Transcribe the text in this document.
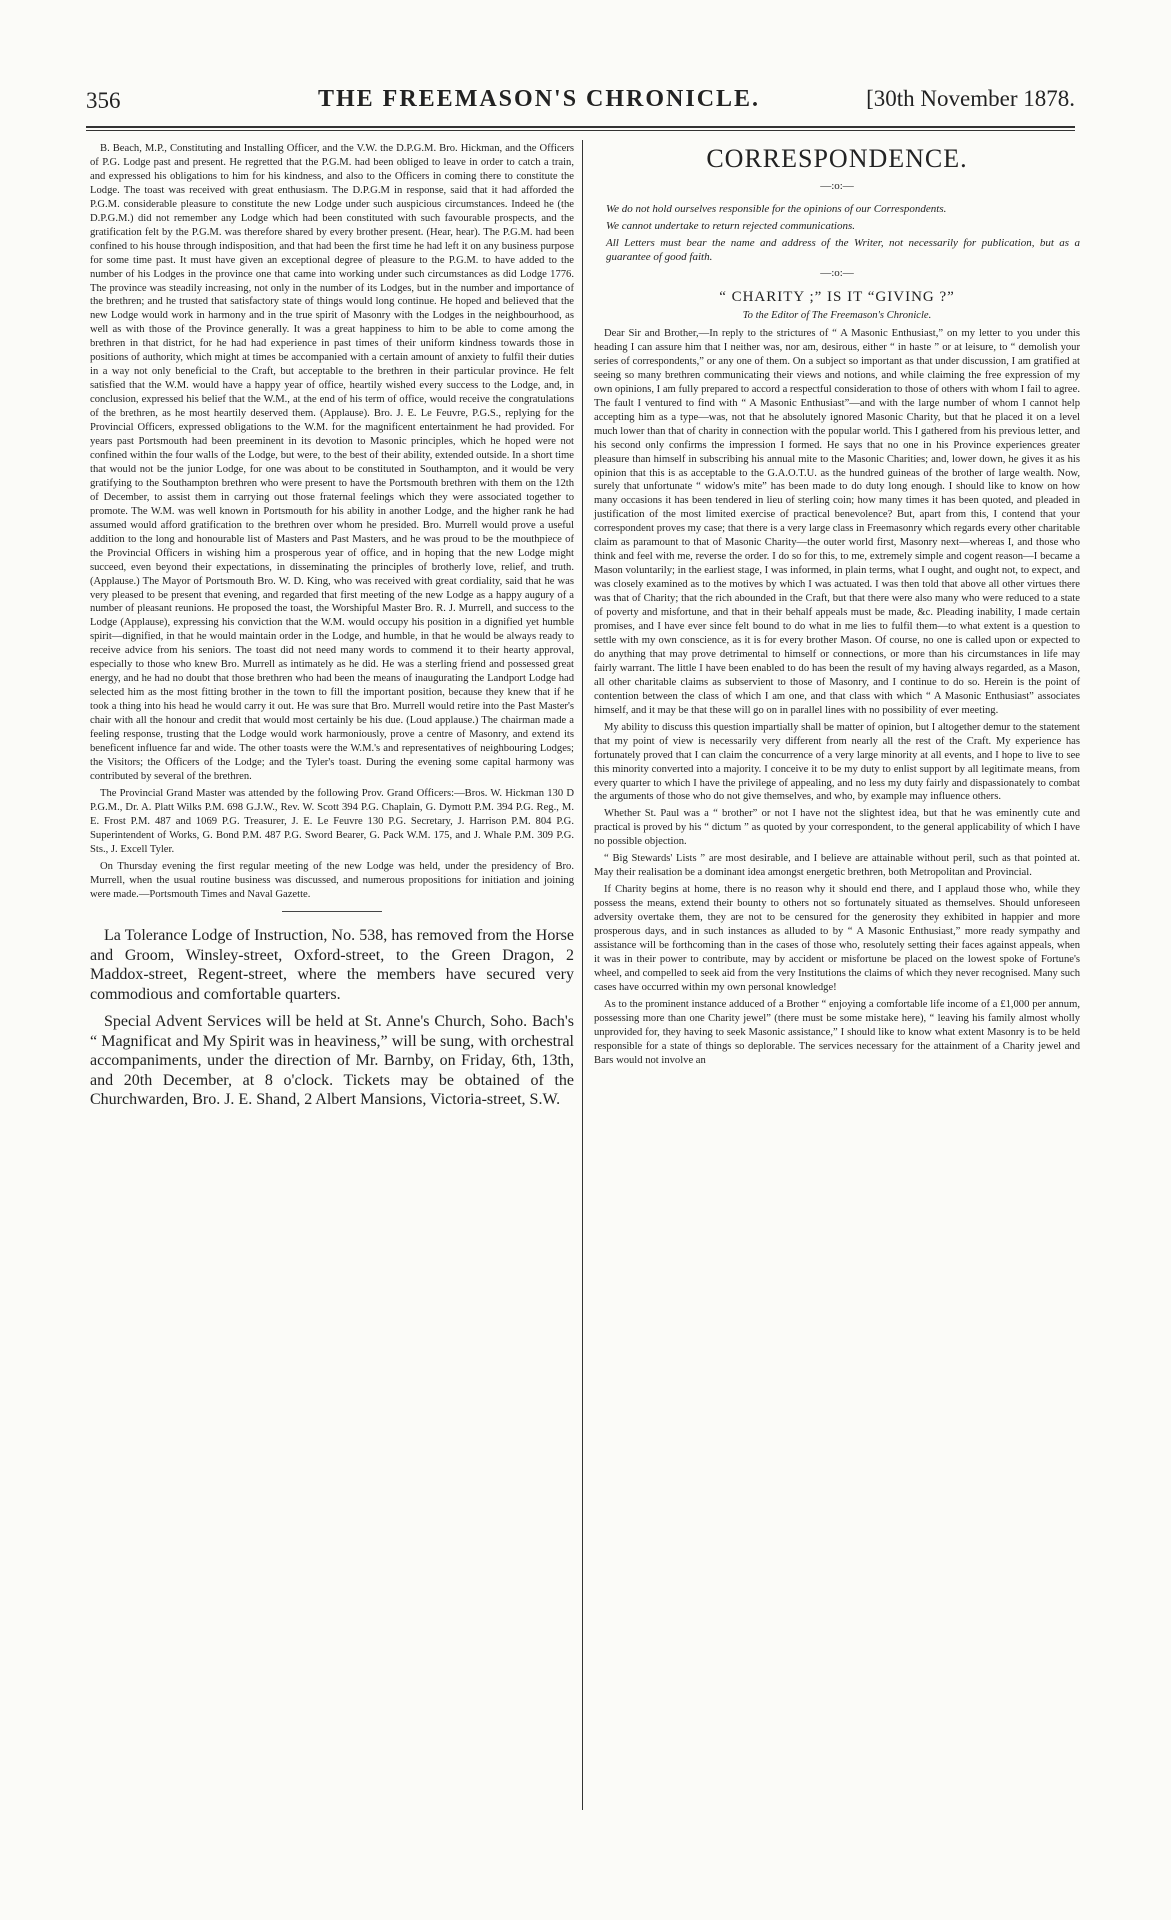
356	THE FREEMASON'S CHRONICLE.	[30th November 1878.

B. Beach, M.P., Constituting and Installing Officer, and the V.W. the D.P.G.M. Bro. Hickman, and the Officers of P.G. Lodge past and present. He regretted that the P.G.M. had been obliged to leave in order to catch a train, and expressed his obligations to him for his kindness, and also to the Officers in coming there to constitute the Lodge. The toast was received with great enthusiasm. The D.P.G.M in response, said that it had afforded the P.G.M. considerable pleasure to constitute the new Lodge under such auspicious circumstances. Indeed he (the D.P.G.M.) did not remember any Lodge which had been constituted with such favourable prospects, and the gratification felt by the P.G.M. was therefore shared by every brother present. (Hear, hear). The P.G.M. had been confined to his house through indisposition, and that had been the first time he had left it on any business purpose for some time past. It must have given an exceptional degree of pleasure to the P.G.M. to have added to the number of his Lodges in the province one that came into working under such circumstances as did Lodge 1776. The province was steadily increasing, not only in the number of its Lodges, but in the number and importance of the brethren; and he trusted that satisfactory state of things would long continue. He hoped and believed that the new Lodge would work in harmony and in the true spirit of Masonry with the Lodges in the neighbourhood, as well as with those of the Province generally. It was a great happiness to him to be able to come among the brethren in that district, for he had had experience in past times of their uniform kindness towards those in positions of authority, which might at times be accompanied with a certain amount of anxiety to fulfil their duties in a way not only beneficial to the Craft, but acceptable to the brethren in their particular province. He felt satisfied that the W.M. would have a happy year of office, heartily wished every success to the Lodge, and, in conclusion, expressed his belief that the W.M., at the end of his term of office, would receive the congratulations of the brethren, as he most heartily deserved them. (Applause). Bro. J. E. Le Feuvre, P.G.S., replying for the Provincial Officers, expressed obligations to the W.M. for the magnificent entertainment he had provided. For years past Portsmouth had been preeminent in its devotion to Masonic principles, which he hoped were not confined within the four walls of the Lodge, but were, to the best of their ability, extended outside. In a short time that would not be the junior Lodge, for one was about to be constituted in Southampton, and it would be very gratifying to the Southampton brethren who were present to have the Portsmouth brethren with them on the 12th of December, to assist them in carrying out those fraternal feelings which they were associated together to promote. The W.M. was well known in Portsmouth for his ability in another Lodge, and the higher rank he had assumed would afford gratification to the brethren over whom he presided. Bro. Murrell would prove a useful addition to the long and honourable list of Masters and Past Masters, and he was proud to be the mouthpiece of the Provincial Officers in wishing him a prosperous year of office, and in hoping that the new Lodge might succeed, even beyond their expectations, in disseminating the principles of brotherly love, relief, and truth. (Applause.) The Mayor of Portsmouth Bro. W. D. King, who was received with great cordiality, said that he was very pleased to be present that evening, and regarded that first meeting of the new Lodge as a happy augury of a number of pleasant reunions. He proposed the toast, the Worshipful Master Bro. R. J. Murrell, and success to the Lodge (Applause), expressing his conviction that the W.M. would occupy his position in a dignified yet humble spirit—dignified, in that he would maintain order in the Lodge, and humble, in that he would be always ready to receive advice from his seniors. The toast did not need many words to commend it to their hearty approval, especially to those who knew Bro. Murrell as intimately as he did. He was a sterling friend and possessed great energy, and he had no doubt that those brethren who had been the means of inaugurating the Landport Lodge had selected him as the most fitting brother in the town to fill the important position, because they knew that if he took a thing into his head he would carry it out. He was sure that Bro. Murrell would retire into the Past Master's chair with all the honour and credit that would most certainly be his due. (Loud applause.) The chairman made a feeling response, trusting that the Lodge would work harmoniously, prove a centre of Masonry, and extend its beneficent influence far and wide. The other toasts were the W.M.'s and representatives of neighbouring Lodges; the Visitors; the Officers of the Lodge; and the Tyler's toast. During the evening some capital harmony was contributed by several of the brethren.

The Provincial Grand Master was attended by the following Prov. Grand Officers:—Bros. W. Hickman 130 D P.G.M., Dr. A. Platt Wilks P.M. 698 G.J.W., Rev. W. Scott 394 P.G. Chaplain, G. Dymott P.M. 394 P.G. Reg., M. E. Frost P.M. 487 and 1069 P.G. Treasurer, J. E. Le Feuvre 130 P.G. Secretary, J. Harrison P.M. 804 P.G. Superintendent of Works, G. Bond P.M. 487 P.G. Sword Bearer, G. Pack W.M. 175, and J. Whale P.M. 309 P.G. Sts., J. Excell Tyler.

On Thursday evening the first regular meeting of the new Lodge was held, under the presidency of Bro. Murrell, when the usual routine business was discussed, and numerous propositions for initiation and joining were made.—Portsmouth Times and Naval Gazette.

La Tolerance Lodge of Instruction, No. 538, has removed from the Horse and Groom, Winsley-street, Oxford-street, to the Green Dragon, 2 Maddox-street, Regent-street, where the members have secured very commodious and comfortable quarters.

Special Advent Services will be held at St. Anne's Church, Soho. Bach's “ Magnificat and My Spirit was in heaviness,” will be sung, with orchestral accompaniments, under the direction of Mr. Barnby, on Friday, 6th, 13th, and 20th December, at 8 o'clock. Tickets may be obtained of the Churchwarden, Bro. J. E. Shand, 2 Albert Mansions, Victoria-street, S.W.

CORRESPONDENCE.
—:o:—

We do not hold ourselves responsible for the opinions of our Correspondents.

We cannot undertake to return rejected communications.

All Letters must bear the name and address of the Writer, not necessarily for publication, but as a guarantee of good faith.

—:o:—
“ CHARITY ;” IS IT “GIVING ?”
To the Editor of The Freemason's Chronicle.

Dear Sir and Brother,—In reply to the strictures of “ A Masonic Enthusiast,” on my letter to you under this heading I can assure him that I neither was, nor am, desirous, either “ in haste ” or at leisure, to “ demolish your series of correspondents,” or any one of them. On a subject so important as that under discussion, I am gratified at seeing so many brethren communicating their views and notions, and while claiming the free expression of my own opinions, I am fully prepared to accord a respectful consideration to those of others with whom I fail to agree. The fault I ventured to find with “ A Masonic Enthusiast”—and with the large number of whom I cannot help accepting him as a type—was, not that he absolutely ignored Masonic Charity, but that he placed it on a level much lower than that of charity in connection with the popular world. This I gathered from his previous letter, and his second only confirms the impression I formed. He says that no one in his Province experiences greater pleasure than himself in subscribing his annual mite to the Masonic Charities; and, lower down, he gives it as his opinion that this is as acceptable to the G.A.O.T.U. as the hundred guineas of the brother of large wealth. Now, surely that unfortunate “ widow's mite” has been made to do duty long enough. I should like to know on how many occasions it has been tendered in lieu of sterling coin; how many times it has been quoted, and pleaded in justification of the most limited exercise of practical benevolence? But, apart from this, I contend that your correspondent proves my case; that there is a very large class in Freemasonry which regards every other charitable claim as paramount to that of Masonic Charity—the outer world first, Masonry next—whereas I, and those who think and feel with me, reverse the order. I do so for this, to me, extremely simple and cogent reason—I became a Mason voluntarily; in the earliest stage, I was informed, in plain terms, what I ought, and ought not, to expect, and was closely examined as to the motives by which I was actuated. I was then told that above all other virtues there was that of Charity; that the rich abounded in the Craft, but that there were also many who were reduced to a state of poverty and misfortune, and that in their behalf appeals must be made, &c. Pleading inability, I made certain promises, and I have ever since felt bound to do what in me lies to fulfil them—to what extent is a question to settle with my own conscience, as it is for every brother Mason. Of course, no one is called upon or expected to do anything that may prove detrimental to himself or connections, or more than his circumstances in life may fairly warrant. The little I have been enabled to do has been the result of my having always regarded, as a Mason, all other charitable claims as subservient to those of Masonry, and I continue to do so. Herein is the point of contention between the class of which I am one, and that class with which “ A Masonic Enthusiast” associates himself, and it may be that these will go on in parallel lines with no possibility of ever meeting.

My ability to discuss this question impartially shall be matter of opinion, but I altogether demur to the statement that my point of view is necessarily very different from nearly all the rest of the Craft. My experience has fortunately proved that I can claim the concurrence of a very large minority at all events, and I hope to live to see this minority converted into a majority. I conceive it to be my duty to enlist support by all legitimate means, from every quarter to which I have the privilege of appealing, and no less my duty fairly and dispassionately to combat the arguments of those who do not give themselves, and who, by example may influence others.

Whether St. Paul was a “ brother” or not I have not the slightest idea, but that he was eminently cute and practical is proved by his “ dictum ” as quoted by your correspondent, to the general applicability of which I have no possible objection.

“ Big Stewards' Lists ” are most desirable, and I believe are attainable without peril, such as that pointed at. May their realisation be a dominant idea amongst energetic brethren, both Metropolitan and Provincial.

If Charity begins at home, there is no reason why it should end there, and I applaud those who, while they possess the means, extend their bounty to others not so fortunately situated as themselves. Should unforeseen adversity overtake them, they are not to be censured for the generosity they exhibited in happier and more prosperous days, and in such instances as alluded to by “ A Masonic Enthusiast,” more ready sympathy and assistance will be forthcoming than in the cases of those who, resolutely setting their faces against appeals, when it was in their power to contribute, may by accident or misfortune be placed on the lowest spoke of Fortune's wheel, and compelled to seek aid from the very Institutions the claims of which they never recognised. Many such cases have occurred within my own personal knowledge!

As to the prominent instance adduced of a Brother “ enjoying a comfortable life income of a £1,000 per annum, possessing more than one Charity jewel” (there must be some mistake here), “ leaving his family almost wholly unprovided for, they having to seek Masonic assistance,” I should like to know what extent Masonry is to be held responsible for a state of things so deplorable. The services necessary for the attainment of a Charity jewel and Bars would not involve an
